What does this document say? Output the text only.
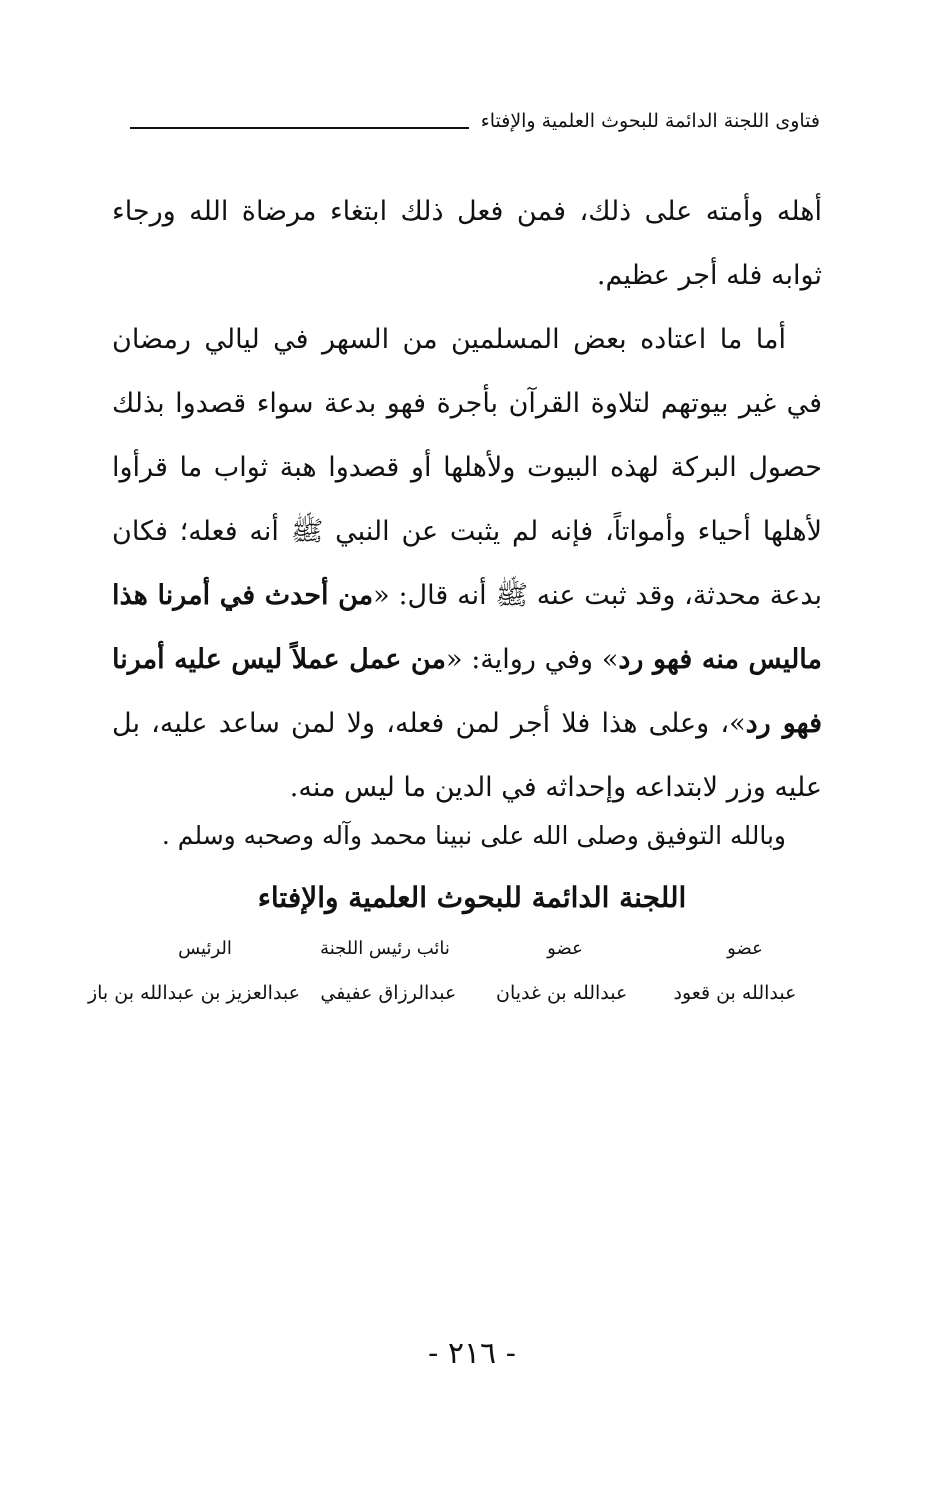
فتاوى اللجنة الدائمة للبحوث العلمية والإفتاء

أهله وأمته على ذلك، فمن فعل ذلك ابتغاء مرضاة الله ورجاء ثوابه فله أجر عظيم.

أما ما اعتاده بعض المسلمين من السهر في ليالي رمضان في غير بيوتهم لتلاوة القرآن بأجرة فهو بدعة سواء قصدوا بذلك حصول البركة لهذه البيوت ولأهلها أو قصدوا هبة ثواب ما قرأوا لأهلها أحياء وأمواتاً، فإنه لم يثبت عن النبي ﷺ أنه فعله؛ فكان بدعة محدثة، وقد ثبت عنه ﷺ أنه قال: «من أحدث في أمرنا هذا ماليس منه فهو رد» وفي رواية: «من عمل عملاً ليس عليه أمرنا فهو رد»، وعلى هذا فلا أجر لمن فعله، ولا لمن ساعد عليه، بل عليه وزر لابتداعه وإحداثه في الدين ما ليس منه.

وبالله التوفيق وصلى الله على نبينا محمد وآله وصحبه وسلم .
اللجنة الدائمة للبحوث العلمية والإفتاء
عضو
عضو
نائب رئيس اللجنة
الرئيس
عبدالله بن قعود
عبدالله بن غديان
عبدالرزاق عفيفي
عبدالعزيز بن عبدالله بن باز
- ٢١٦ -
